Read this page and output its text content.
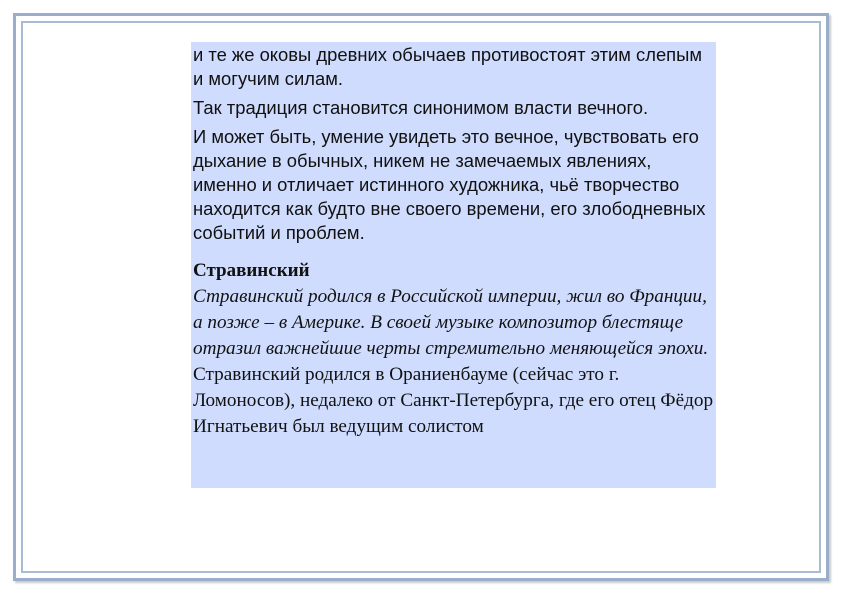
и те же оковы древних обычаев противостоят этим слепым и могучим силам.

Так традиция становится синонимом власти вечного.

И может быть, умение увидеть это вечное, чувствовать его дыхание в обычных, никем не замечаемых явлениях, именно и отличает истинного художника, чьё творчество находится как будто вне своего времени, его злободневных событий и проблем.

Стравинский

Стравинский родился в Российской империи, жил во Франции, а позже – в Америке. В своей музыке композитор блестяще отразил важнейшие черты стремительно меняющейся эпохи.

Стравинский родился в Ораниенбауме (сейчас это г. Ломоносов), недалеко от Санкт-Петербурга, где его отец Фёдор Игнатьевич был ведущим солистом
